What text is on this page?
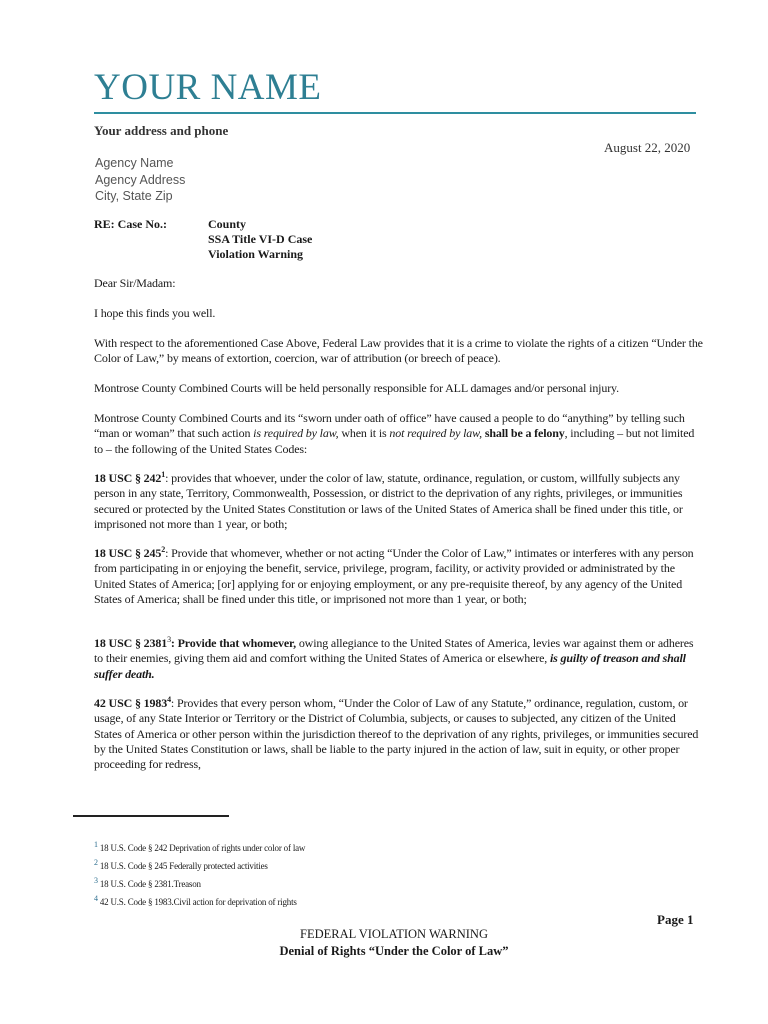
YOUR NAME
Your address and phone
August 22, 2020
Agency Name
Agency Address
City, State Zip
RE: Case No.:	County
SSA Title VI-D Case
Violation Warning
Dear Sir/Madam:
I hope this finds you well.
With respect to the aforementioned Case Above, Federal Law provides that it is a crime to violate the rights of a citizen “Under the Color of Law,” by means of extortion, coercion, war of attribution (or breech of peace).
Montrose County Combined Courts will be held personally responsible for ALL damages and/or personal injury.
Montrose County Combined Courts and its “sworn under oath of office” have caused a people to do “anything” by telling such “man or woman” that such action is required by law, when it is not required by law, shall be a felony, including – but not limited to – the following of the United States Codes:
18 USC § $242^1$: provides that whoever, under the color of law, statute, ordinance, regulation, or custom, willfully subjects any person in any state, Territory, Commonwealth, Possession, or district to the deprivation of any rights, privileges, or immunities secured or protected by the United States Constitution or laws of the United States of America shall be fined under this title, or imprisoned not more than 1 year, or both;
18 USC § $245^2$: Provide that whomever, whether or not acting “Under the Color of Law,” intimates or interferes with any person from participating in or enjoying the benefit, service, privilege, program, facility, or activity provided or administrated by the United States of America; [or] applying for or enjoying employment, or any pre-requisite thereof, by any agency of the United States of America; shall be fined under this title, or imprisoned not more than 1 year, or both;
18 USC § 2381$^3$: Provide that whomever, owing allegiance to the United States of America, levies war against them or adheres to their enemies, giving them aid and comfort withing the United States of America or elsewhere, is guilty of treason and shall suffer death.
42 USC § 1983$^4$: Provides that every person whom, “Under the Color of Law of any Statute,” ordinance, regulation, custom, or usage, of any State Interior or Territory or the District of Columbia, subjects, or causes to subjected, any citizen of the United States of America or other person within the jurisdiction thereof to the deprivation of any rights, privileges, or immunities secured by the United States Constitution or laws, shall be liable to the party injured in the action of law, suit in equity, or other proper proceeding for redress,
1 18 U.S. Code § 242 Deprivation of rights under color of law
2 18 U.S. Code § 245 Federally protected activities
3 18 U.S. Code § 2381.Treason
4 42 U.S. Code § 1983.Civil action for deprivation of rights
Page 1
FEDERAL VIOLATION WARNING
Denial of Rights “Under the Color of Law”
